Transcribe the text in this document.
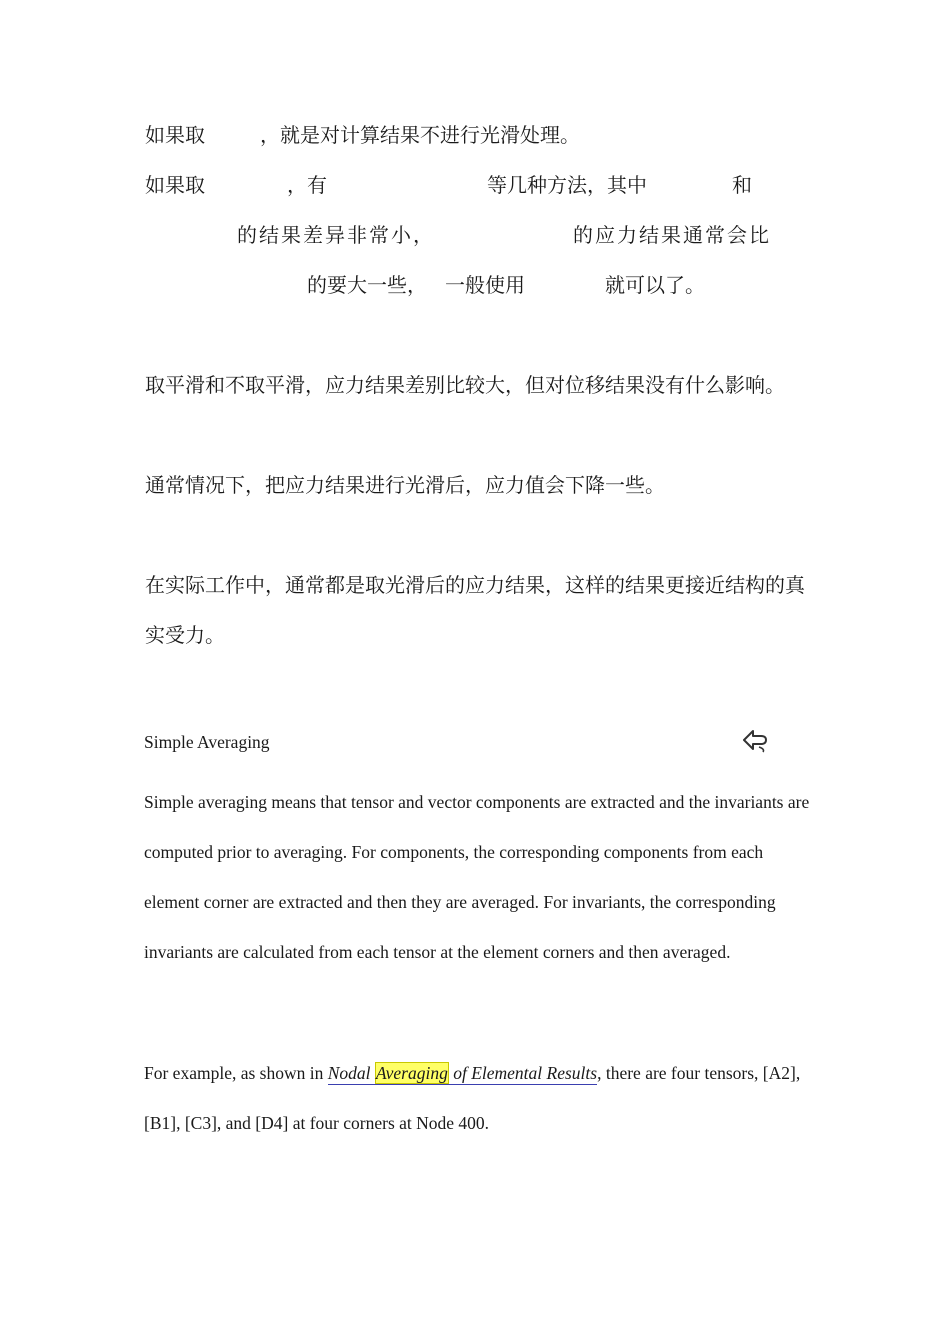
如果取	，就是对计算结果不进行光滑处理。
如果取	，有	等几种方法，其中	和
的结果差异非常小，	的应力结果通常会比
的要大一些， 一般使用	就可以了。
取平滑和不取平滑，应力结果差别比较大，但对位移结果没有什么影响。
通常情况下，把应力结果进行光滑后，应力值会下降一些。
在实际工作中，通常都是取光滑后的应力结果，这样的结果更接近结构的真实受力。
Simple Averaging
Simple averaging means that tensor and vector components are extracted and the invariants are computed prior to averaging. For components, the corresponding components from each element corner are extracted and then they are averaged. For invariants, the corresponding invariants are calculated from each tensor at the element corners and then averaged.
For example, as shown in Nodal Averaging of Elemental Results, there are four tensors, [A2], [B1], [C3], and [D4] at four corners at Node 400.
